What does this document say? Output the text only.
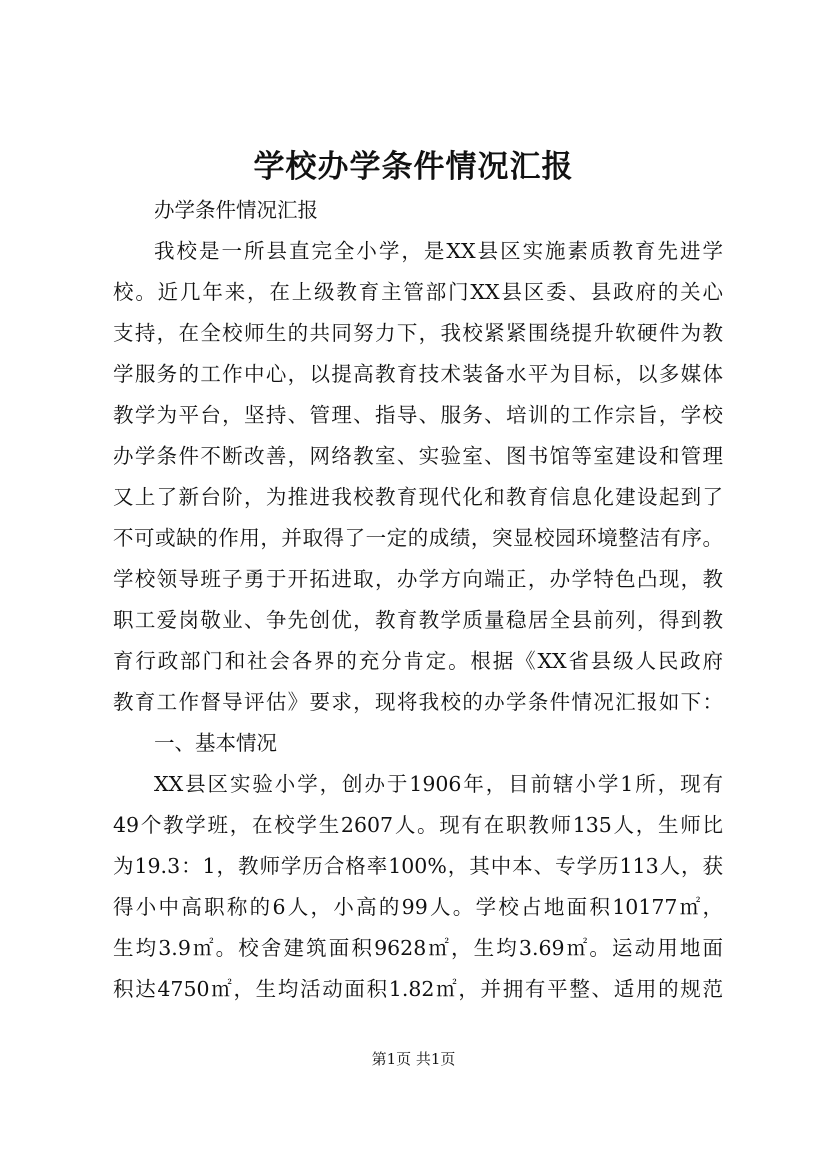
学校办学条件情况汇报
办学条件情况汇报
我校是一所县直完全小学，是XX县区实施素质教育先进学
校。近几年来，在上级教育主管部门XX县区委、县政府的关心
支持，在全校师生的共同努力下，我校紧紧围绕提升软硬件为教
学服务的工作中心，以提高教育技术装备水平为目标，以多媒体
教学为平台，坚持、管理、指导、服务、培训的工作宗旨，学校
办学条件不断改善，网络教室、实验室、图书馆等室建设和管理
又上了新台阶，为推进我校教育现代化和教育信息化建设起到了
不可或缺的作用，并取得了一定的成绩，突显校园环境整洁有序。
学校领导班子勇于开拓进取，办学方向端正，办学特色凸现，教
职工爱岗敬业、争先创优，教育教学质量稳居全县前列，得到教
育行政部门和社会各界的充分肯定。根据《XX省县级人民政府
教育工作督导评估》要求，现将我校的办学条件情况汇报如下：
一、基本情况
XX县区实验小学，创办于1906年，目前辖小学1所，现有
49个教学班，在校学生2607人。现有在职教师135人，生师比
为19.3：1，教师学历合格率100%，其中本、专学历113人，获
得小中高职称的6人，小高的99人。学校占地面积10177㎡，
生均3.9㎡。校舍建筑面积9628㎡，生均3.69㎡。运动用地面
积达4750㎡，生均活动面积1.82㎡，并拥有平整、适用的规范
第1页 共1页
